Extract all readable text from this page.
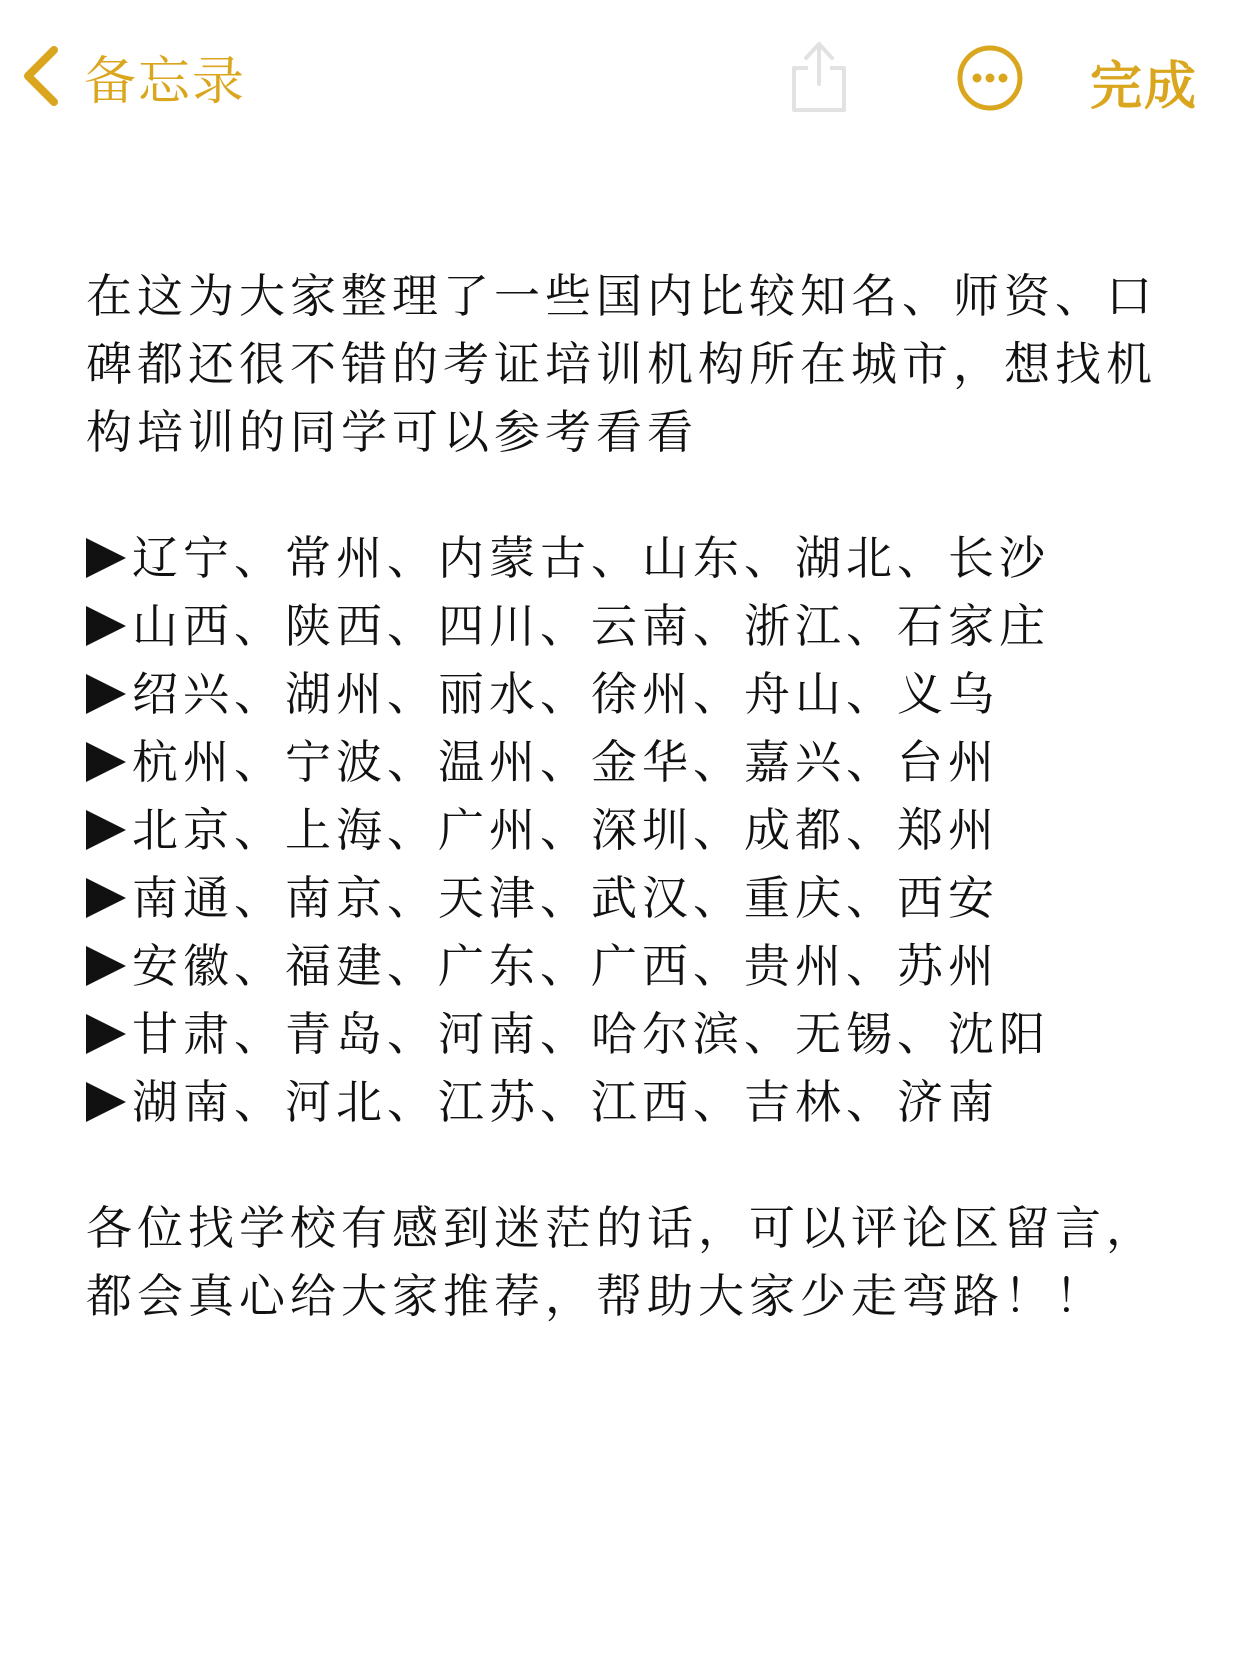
备忘录	完成

在这为大家整理了一些国内比较知名、师资、口碑都还很不错的考证培训机构所在城市，想找机构培训的同学可以参考看看

辽宁、常州、内蒙古、山东、湖北、长沙
山西、陕西、四川、云南、浙江、石家庄
绍兴、湖州、丽水、徐州、舟山、义乌
杭州、宁波、温州、金华、嘉兴、台州
北京、上海、广州、深圳、成都、郑州
南通、南京、天津、武汉、重庆、西安
安徽、福建、广东、广西、贵州、苏州
甘肃、青岛、河南、哈尔滨、无锡、沈阳
湖南、河北、江苏、江西、吉林、济南

各位找学校有感到迷茫的话，可以评论区留言，都会真心给大家推荐，帮助大家少走弯路！！
